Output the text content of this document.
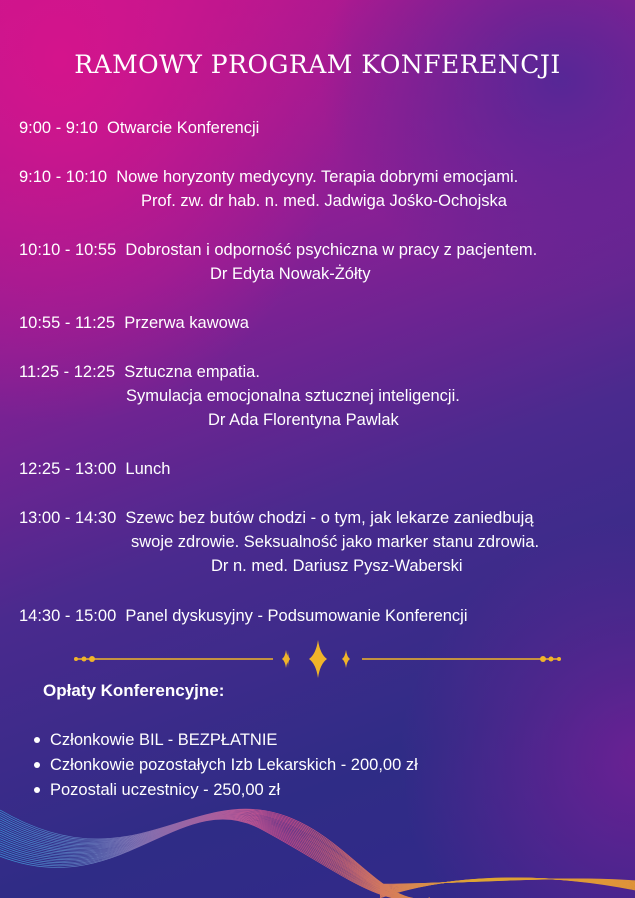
RAMOWY PROGRAM KONFERENCJI
9:00 - 9:10  Otwarcie Konferencji
9:10 - 10:10  Nowe horyzonty medycyny. Terapia dobrymi emocjami.
Prof. zw. dr hab. n. med. Jadwiga Jośko-Ochojska
10:10 - 10:55  Dobrostan i odporność psychiczna w pracy z pacjentem.
Dr Edyta Nowak-Żółty
10:55 - 11:25  Przerwa kawowa
11:25 - 12:25  Sztuczna empatia.
Symulacja emocjonalna sztucznej inteligencji.
Dr Ada Florentyna Pawlak
12:25 - 13:00  Lunch
13:00 - 14:30  Szewc bez butów chodzi - o tym, jak lekarze zaniedbują
swoje zdrowie. Seksualność jako marker stanu zdrowia.
Dr n. med. Dariusz Pysz-Waberski
14:30 - 15:00  Panel dyskusyjny - Podsumowanie Konferencji
Opłaty Konferencyjne:
Członkowie BIL - BEZPŁATNIE
Członkowie pozostałych Izb Lekarskich - 200,00 zł
Pozostali uczestnicy - 250,00 zł
